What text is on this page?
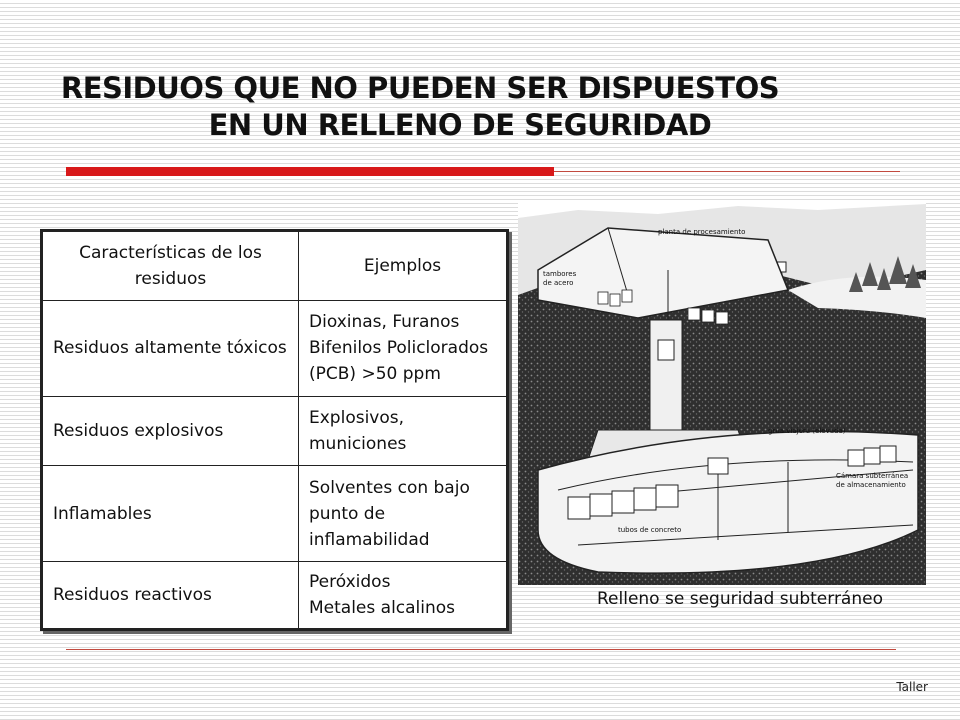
RESIDUOS QUE NO PUEDEN SER DISPUESTOS
EN UN RELLENO DE SEGURIDAD
Características de los residuos	Ejemplos
Residuos altamente tóxicos	Dioxinas, Furanos
Bifenilos Policlorados
(PCB) >50 ppm

Residuos explosivos	Explosivos,
municiones

Inflamables	Solventes con bajo
punto de
inflamabilidad

Residuos reactivos	Peróxidos
Metales alcalinos
planta de procesamiento
tambores
de acero
grúa viajera (elevada)
Cámara subterránea
de almacenamiento
tubos de concreto
Relleno se seguridad subterráneo
Taller
